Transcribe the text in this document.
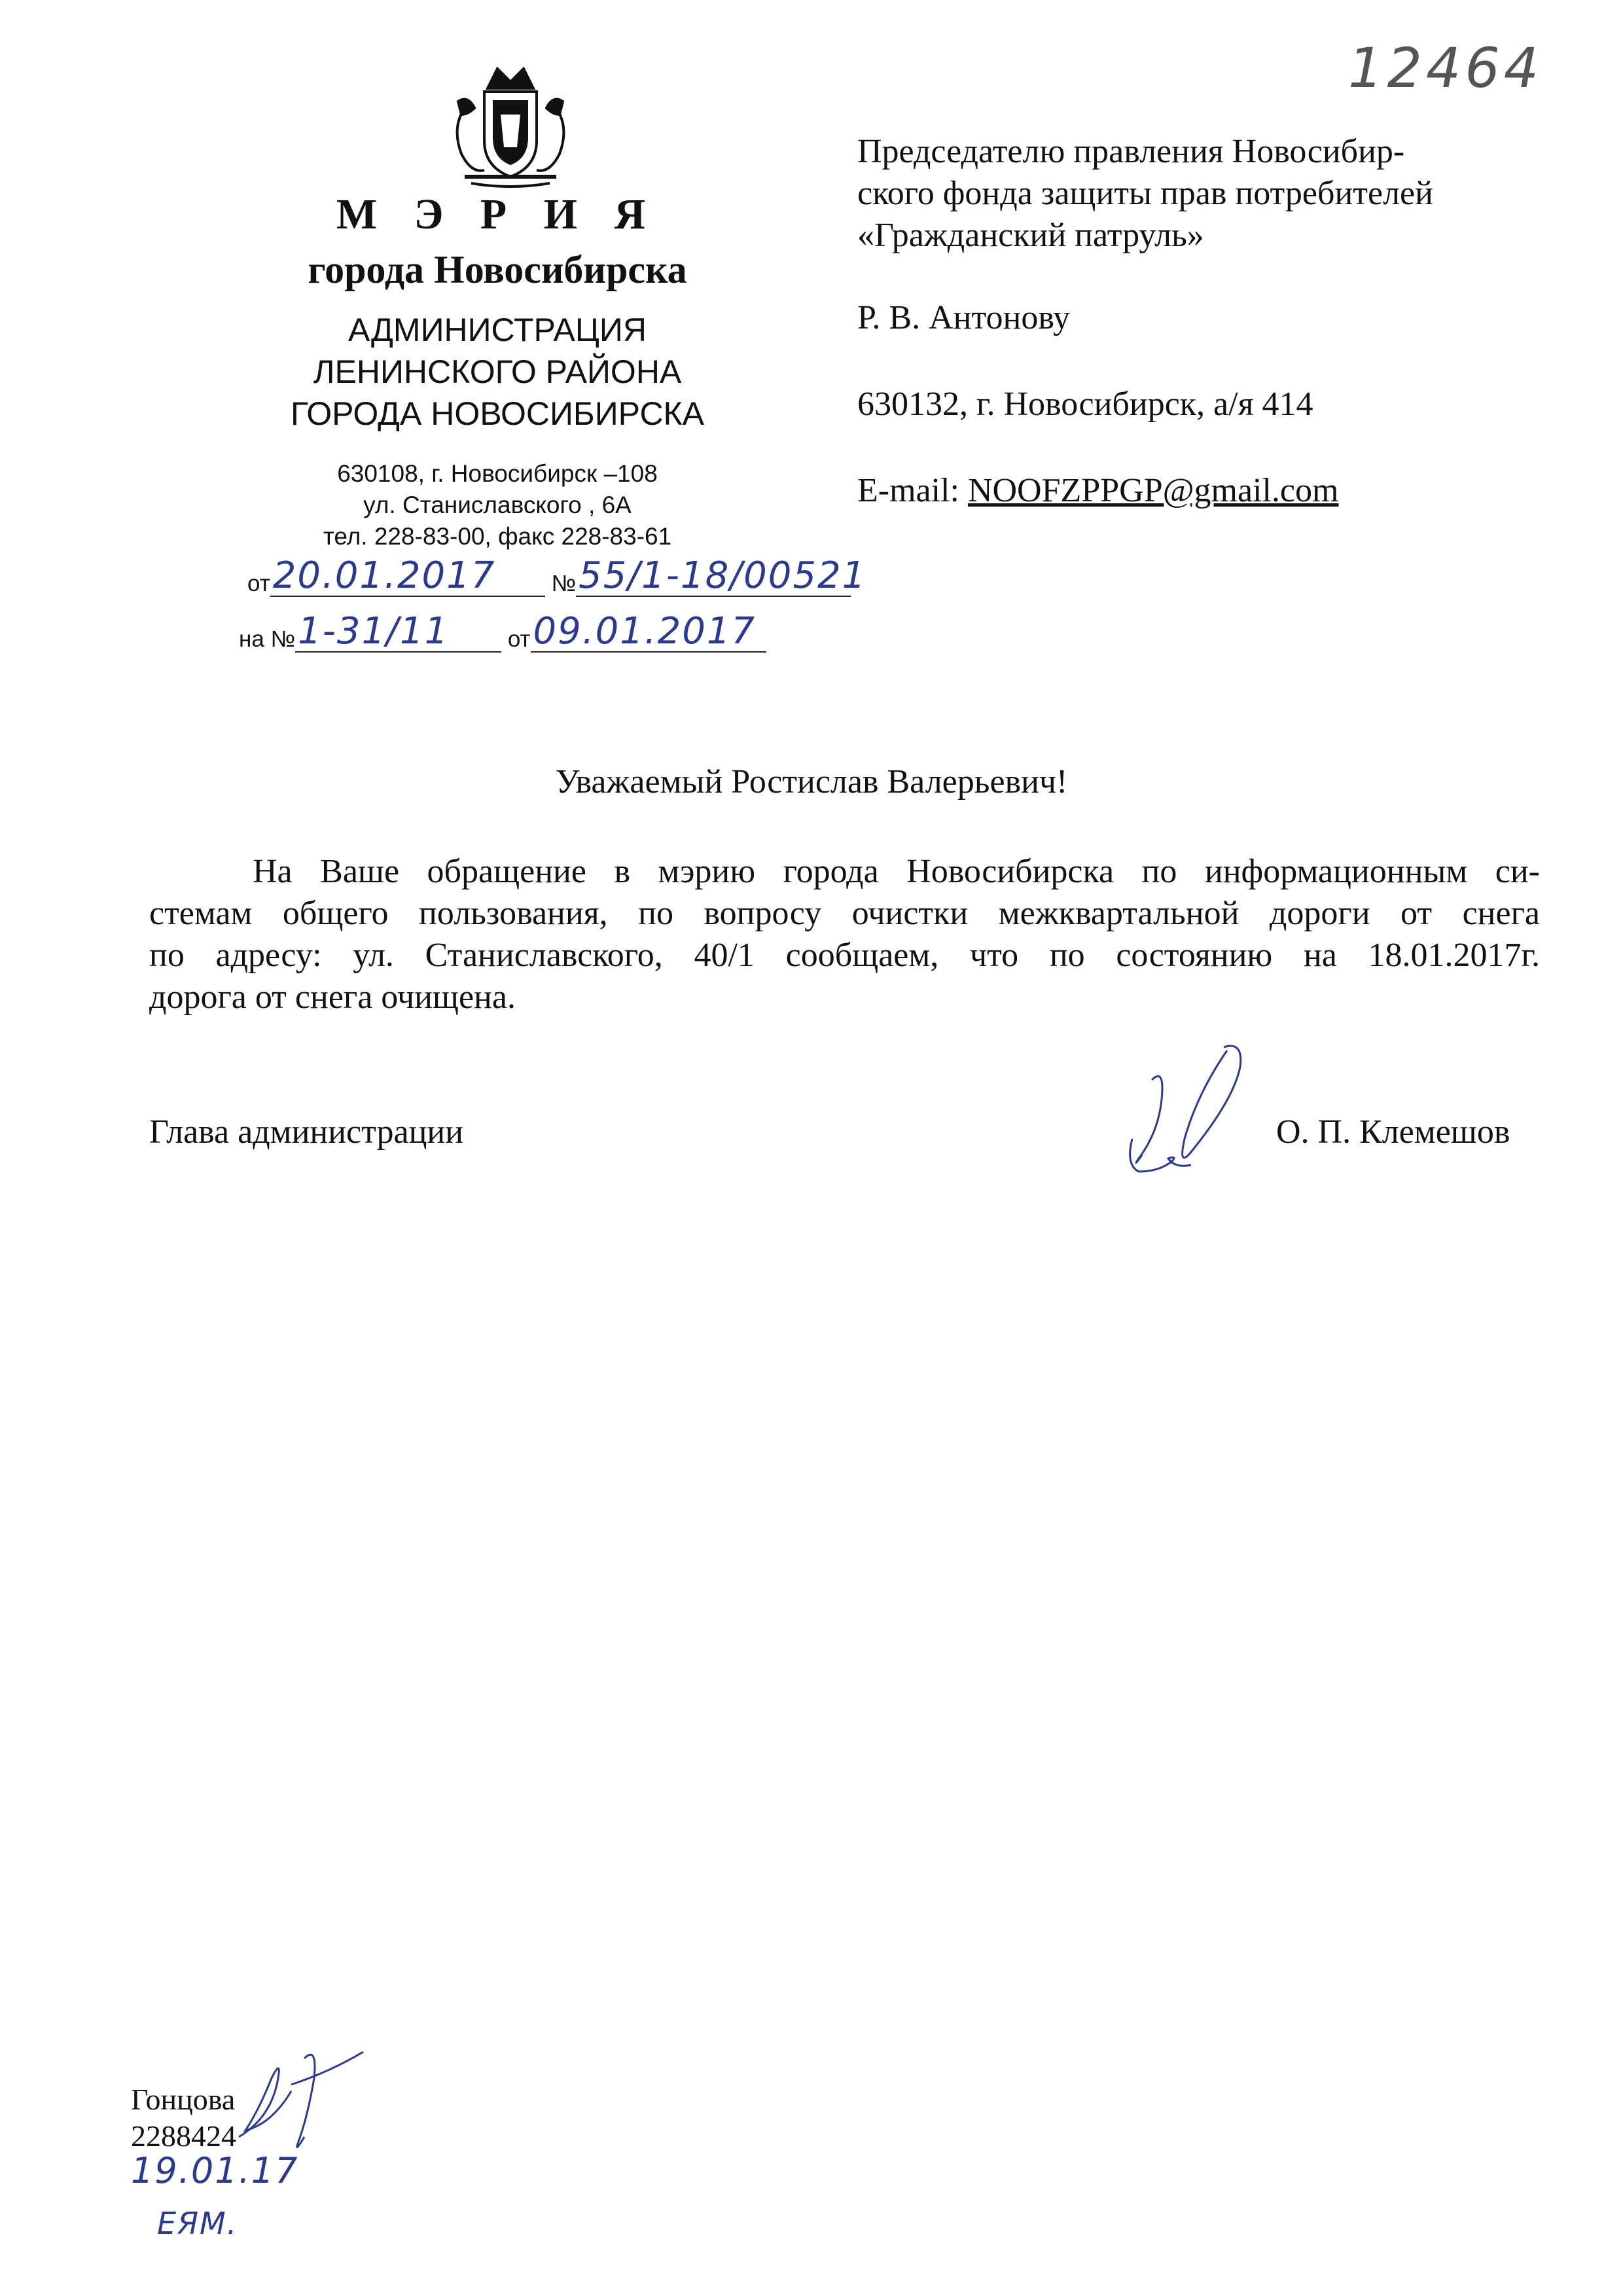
12464
М Э Р И Я
города Новосибирска
АДМИНИСТРАЦИЯ
ЛЕНИНСКОГО РАЙОНА
ГОРОДА НОВОСИБИРСКА
630108, г. Новосибирск –108
ул. Станиславского , 6А
тел. 228-83-00, факс 228-83-61
от 20.01.2017 № 55/1-18/00521
на № 1-31/11	от 09.01.2017
Председателю правления Новосибир-
ского фонда защиты прав потребителей
«Гражданский патруль»
Р. В. Антонову
630132, г. Новосибирск, а/я 414
E-mail: NOOFZPPGP@gmail.com
Уважаемый Ростислав Валерьевич!
На Ваше обращение в мэрию города Новосибирска по информационным си-
стемам общего пользования, по вопросу очистки межквартальной дороги от снега
по адресу: ул. Станиславского, 40/1 сообщаем, что по состоянию на 18.01.2017г.
дорога от снега очищена.
Глава администрации	О. П. Клемешов
Гонцова
2288424
19.01.17
ЕЯМ.
